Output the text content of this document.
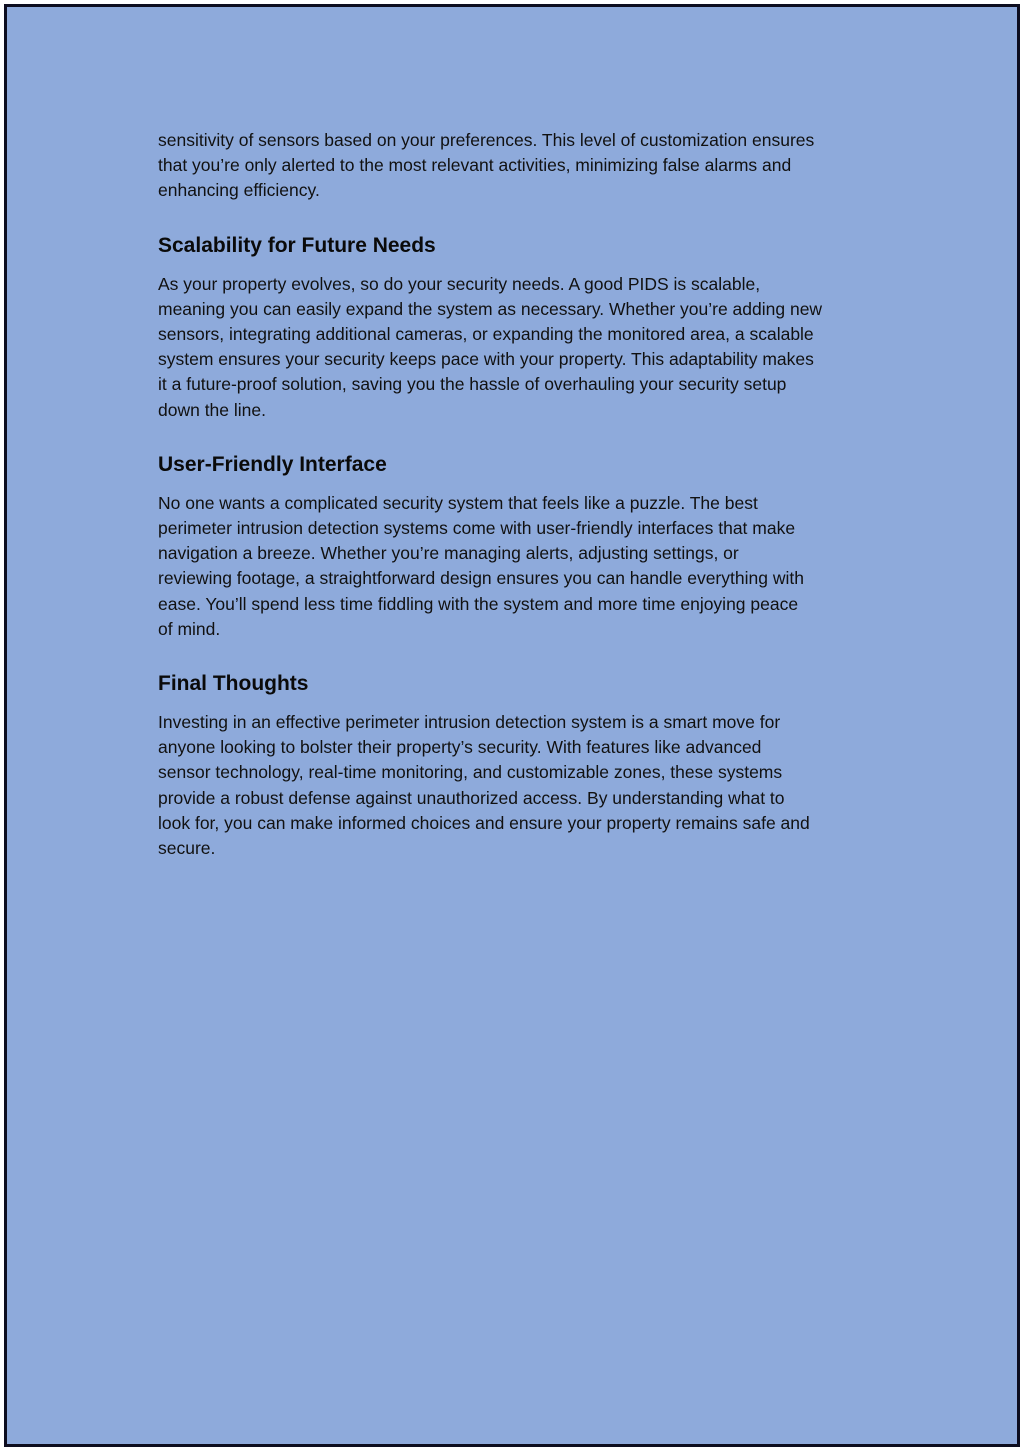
sensitivity of sensors based on your preferences. This level of customization ensures
that you’re only alerted to the most relevant activities, minimizing false alarms and
enhancing efficiency.

Scalability for Future Needs

As your property evolves, so do your security needs. A good PIDS is scalable,
meaning you can easily expand the system as necessary. Whether you’re adding new
sensors, integrating additional cameras, or expanding the monitored area, a scalable
system ensures your security keeps pace with your property. This adaptability makes
it a future-proof solution, saving you the hassle of overhauling your security setup
down the line.

User-Friendly Interface

No one wants a complicated security system that feels like a puzzle. The best
perimeter intrusion detection systems come with user-friendly interfaces that make
navigation a breeze. Whether you’re managing alerts, adjusting settings, or
reviewing footage, a straightforward design ensures you can handle everything with
ease. You’ll spend less time fiddling with the system and more time enjoying peace
of mind.

Final Thoughts

Investing in an effective perimeter intrusion detection system is a smart move for
anyone looking to bolster their property’s security. With features like advanced
sensor technology, real-time monitoring, and customizable zones, these systems
provide a robust defense against unauthorized access. By understanding what to
look for, you can make informed choices and ensure your property remains safe and
secure.
